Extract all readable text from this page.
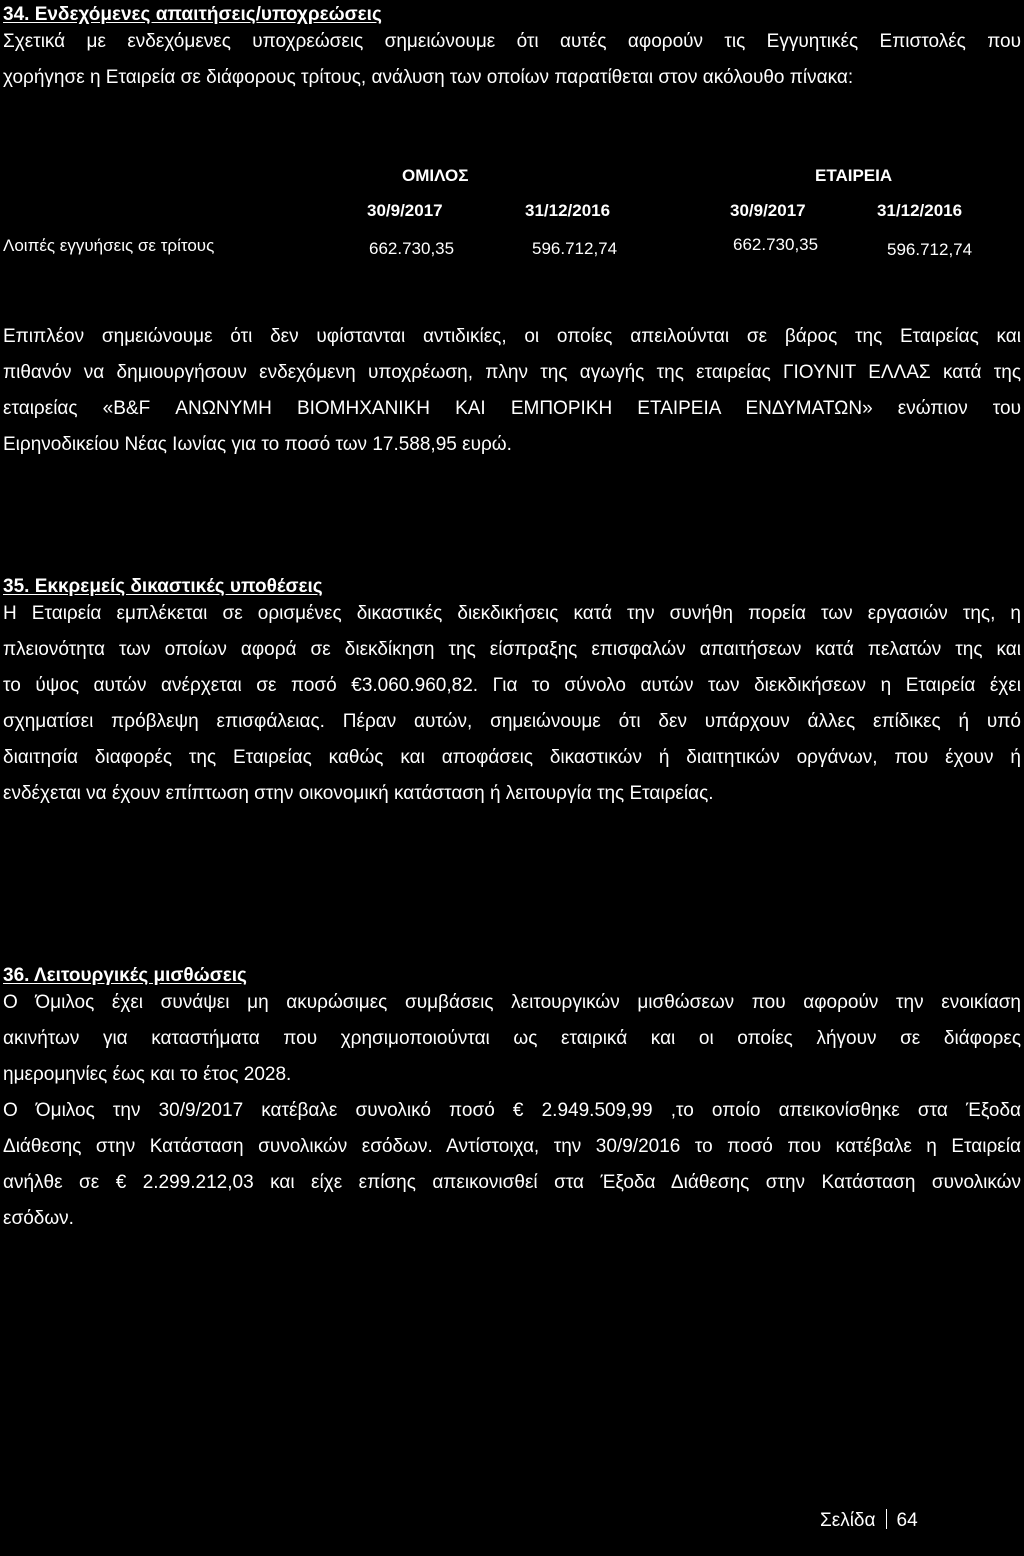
34. Ενδεχόμενες απαιτήσεις/υποχρεώσεις
Σχετικά με ενδεχόμενες υποχρεώσεις σημειώνουμε ότι αυτές αφορούν τις Εγγυητικές Επιστολές που
χορήγησε η Εταιρεία σε διάφορους τρίτους, ανάλυση των οποίων παρατίθεται στον ακόλουθο πίνακα:
ΟΜΙΛΟΣ	ΕΤΑΙΡΕΙΑ
30/9/2017	31/12/2016	30/9/2017	31/12/2016
Λοιπές εγγυήσεις σε τρίτους	662.730,35	596.712,74	662.730,35	596.712,74
Επιπλέον σημειώνουμε ότι δεν υφίστανται αντιδικίες, οι οποίες απειλούνται σε βάρος της Εταιρείας και
πιθανόν να δημιουργήσουν ενδεχόμενη υποχρέωση, πλην της αγωγής της εταιρείας ΓΙΟΥΝΙΤ ΕΛΛΑΣ κατά της
εταιρείας «B&F ΑΝΩΝΥΜΗ ΒΙΟΜΗΧΑΝΙΚΗ ΚΑΙ ΕΜΠΟΡΙΚΗ ΕΤΑΙΡΕΙΑ ΕΝΔΥΜΑΤΩΝ» ενώπιον του
Ειρηνοδικείου Νέας Ιωνίας για το ποσό των 17.588,95 ευρώ.
35. Εκκρεμείς δικαστικές υποθέσεις
Η Εταιρεία εμπλέκεται σε ορισμένες δικαστικές διεκδικήσεις κατά την συνήθη πορεία των εργασιών της, η
πλειονότητα των οποίων αφορά σε διεκδίκηση της είσπραξης επισφαλών απαιτήσεων κατά πελατών της και
το ύψος αυτών ανέρχεται σε ποσό €3.060.960,82. Για το σύνολο αυτών των διεκδικήσεων η Εταιρεία έχει
σχηματίσει πρόβλεψη επισφάλειας. Πέραν αυτών, σημειώνουμε ότι δεν υπάρχουν άλλες επίδικες ή υπό
διαιτησία διαφορές της Εταιρείας καθώς και αποφάσεις δικαστικών ή διαιτητικών οργάνων, που έχουν ή
ενδέχεται να έχουν επίπτωση στην οικονομική κατάσταση ή λειτουργία της Εταιρείας.
36. Λειτουργικές μισθώσεις
Ο Όμιλος έχει συνάψει μη ακυρώσιμες συμβάσεις λειτουργικών μισθώσεων που αφορούν την ενοικίαση
ακινήτων για καταστήματα που χρησιμοποιούνται ως εταιρικά και οι οποίες λήγουν σε διάφορες
ημερομηνίες έως και το έτος 2028.
Ο Όμιλος την 30/9/2017 κατέβαλε συνολικό ποσό € 2.949.509,99 ,το οποίο απεικονίσθηκε στα Έξοδα
Διάθεσης στην Κατάσταση συνολικών εσόδων. Αντίστοιχα, την 30/9/2016 το ποσό που κατέβαλε η Εταιρεία
ανήλθε σε € 2.299.212,03 και είχε επίσης απεικονισθεί στα Έξοδα Διάθεσης στην Κατάσταση συνολικών
εσόδων.
Σελίδα 64
